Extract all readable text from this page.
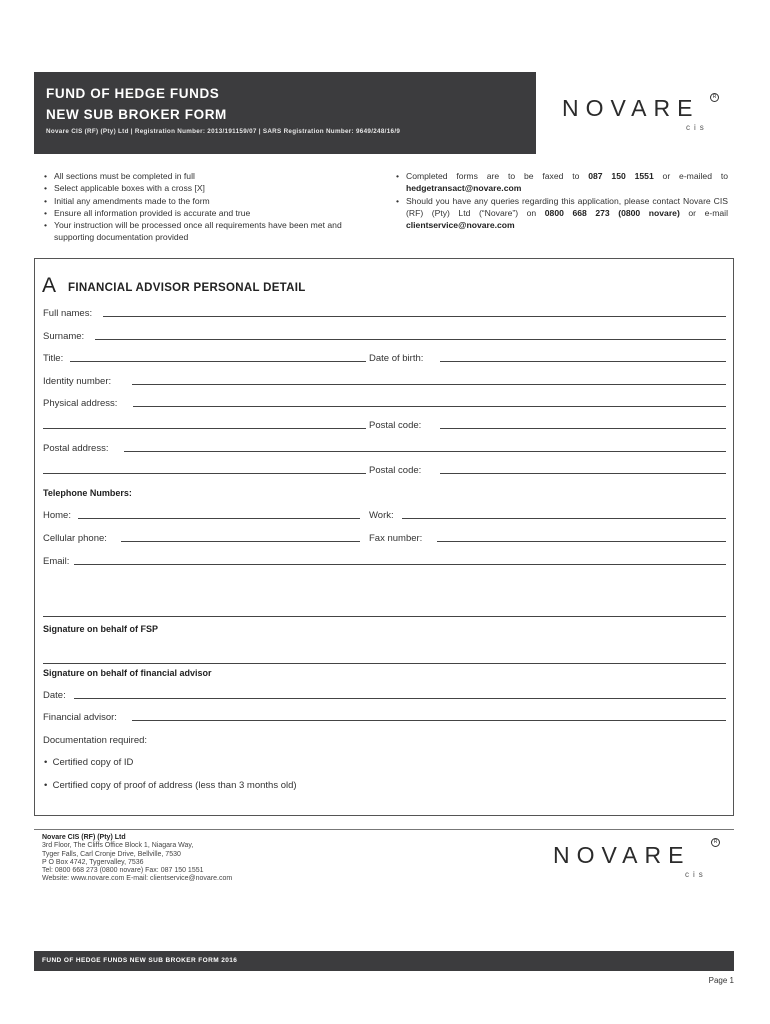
FUND OF HEDGE FUNDS
NEW SUB BROKER FORM
Novare CIS (RF) (Pty) Ltd | Registration Number: 2013/191159/07 | SARS Registration Number: 9649/248/16/9
NOVARE
cis
R
• All sections must be completed in full
• Select applicable boxes with a cross [X]
• Initial any amendments made to the form
• Ensure all information provided is accurate and true
• Your instruction will be processed once all requirements have been met and supporting documentation provided
• Completed forms are to be faxed to 087 150 1551 or e-mailed to hedgetransact@novare.com
• Should you have any queries regarding this application, please contact Novare CIS (RF) (Pty) Ltd (“Novare”) on 0800 668 273 (0800 novare) or e-mail clientservice@novare.com
A FINANCIAL ADVISOR PERSONAL DETAIL
Full names:
Surname:
Title:	Date of birth:
Identity number:
Physical address:
Postal code:
Postal address:
Postal code:
Telephone Numbers:
Home:	Work:
Cellular phone:	Fax number:
Email:
Signature on behalf of FSP
Signature on behalf of financial advisor
Date:
Financial advisor:
Documentation required:
•  Certified copy of ID
•  Certified copy of proof of address (less than 3 months old)
Novare CIS (RF) (Pty) Ltd
3rd Floor, The Cliffs Office Block 1, Niagara Way,
Tyger Falls, Carl Cronje Drive, Bellville, 7530
P O Box 4742, Tygervalley, 7536
Tel: 0800 668 273 (0800 novare) Fax: 087 150 1551
Website: www.novare.com E-mail: clientservice@novare.com
NOVARE
cis
R
FUND OF HEDGE FUNDS NEW SUB BROKER FORM 2016
Page 1
